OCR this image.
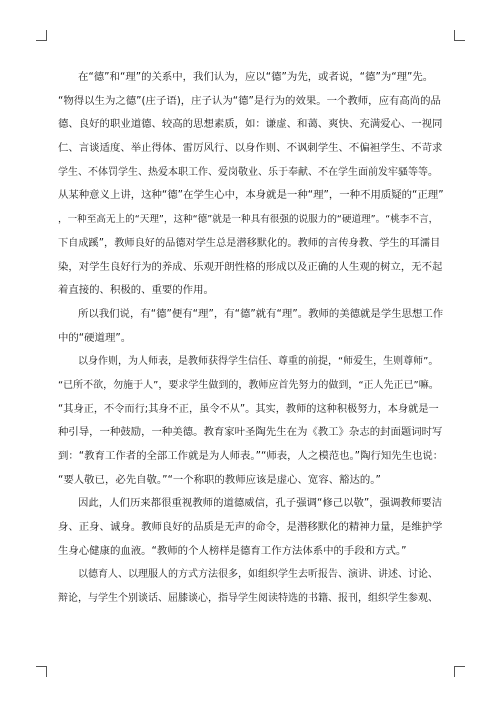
在“德”和“理”的关系中，我们认为，应以“德”为先，或者说，“德”为“理”先。
“物得以生为之德”(庄子语)，庄子认为“德”是行为的效果。一个教师，应有高尚的品
德、良好的职业道德、较高的思想素质，如：谦虚、和蔼、爽快、充满爱心、一视同
仁、言谈适度、举止得体、雷厉风行、以身作则、不讽刺学生、不偏袒学生、不苛求
学生、不体罚学生、热爱本职工作、爱岗敬业、乐于奉献、不在学生面前发牢骚等等。
从某种意义上讲，这种“德”在学生心中，本身就是一种“理”，一种不用质疑的“正理”
，一种至高无上的“天理”，这种“德”就是一种具有很强的说服力的“硬道理”。“桃李不言，
下自成蹊”，教师良好的品德对学生总是潜移默化的。教师的言传身教、学生的耳濡目
染，对学生良好行为的养成、乐观开朗性格的形成以及正确的人生观的树立，无不起
着直接的、积极的、重要的作用。
所以我们说，有“德”便有“理”，有“德”就有“理”。教师的美德就是学生思想工作
中的“硬道理”。
以身作则，为人师表，是教师获得学生信任、尊重的前提，“师爱生，生则尊师”。
“已所不欲，勿施于人”，要求学生做到的，教师应首先努力的做到，“正人先正已”嘛。
“其身正，不令而行;其身不正，虽令不从”。其实，教师的这种积极努力，本身就是一
种引导，一种鼓励，一种美德。教育家叶圣陶先生在为《教工》杂志的封面题词时写
到：“教育工作者的全部工作就是为人师表。”“师表，人之模范也。”陶行知先生也说：
“要人敬已，必先自敬。”“一个称职的教师应该是虚心、宽容、豁达的。”
因此，人们历来都很重视教师的道德威信，孔子强调“修己以敬”，强调教师要洁
身、正身、诚身。教师良好的品质是无声的命令，是潜移默化的精神力量，是维护学
生身心健康的血液。“教师的个人榜样是德育工作方法体系中的手段和方式。”
以德育人、以理服人的方式方法很多，如组织学生去听报告、演讲、讲述、讨论、
辩论，与学生个别谈话、屈膝谈心，指导学生阅读特选的书籍、报刊，组织学生参观、
